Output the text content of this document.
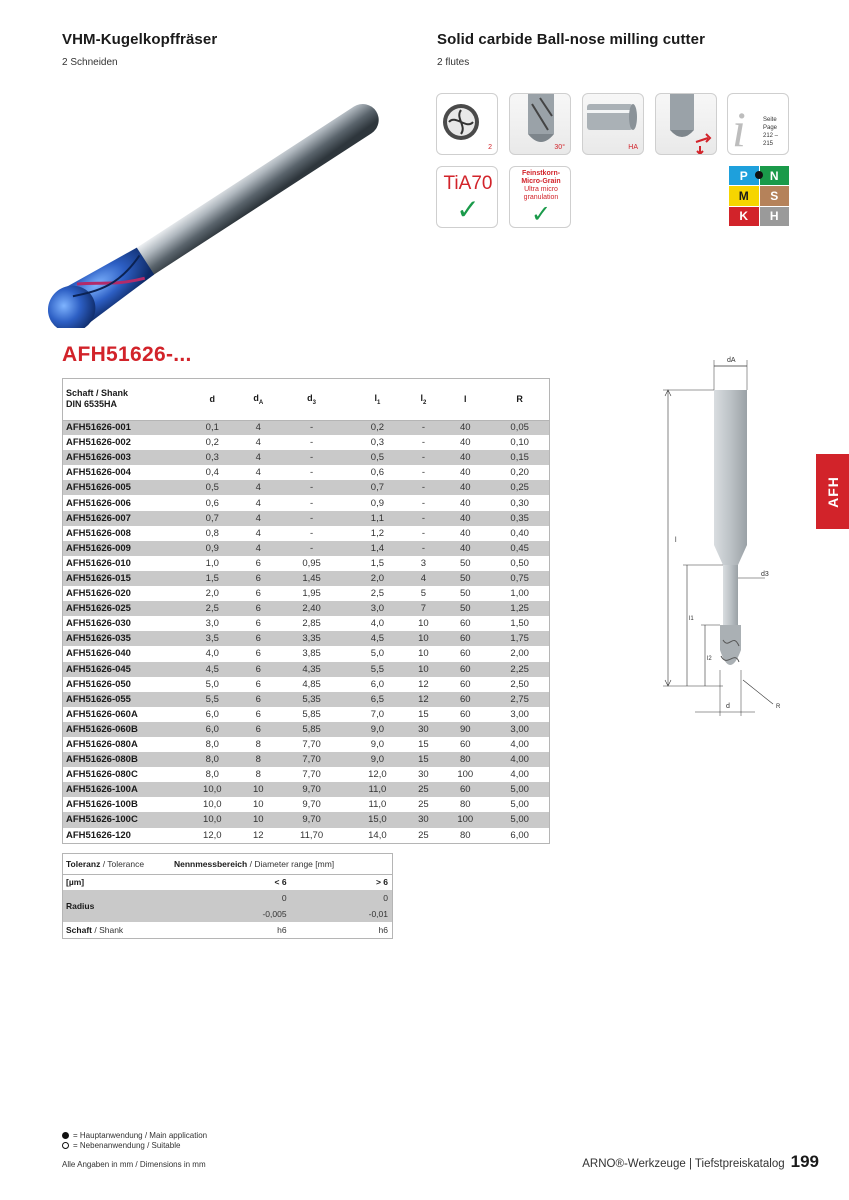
VHM-Kugelkopffräser
2 Schneiden
Solid carbide Ball-nose milling cutter
2 flutes
2	30°	HA i	Seite Page
212 – 215
TiA70
✓
Feinstkorn-
Micro-Grain
Ultra micro
granulation
✓
P	N
M	S
K	H
AFH51626-...
Schaft / Shank
DIN 6535HA	d	$d_A$	$d_3$	$l_1$	$l_2$	l	R
AFH51626-001	0,1	4	-	0,2	-	40	0,05
AFH51626-002	0,2	4	-	0,3	-	40	0,10
AFH51626-003	0,3	4	-	0,5	-	40	0,15
AFH51626-004	0,4	4	-	0,6	-	40	0,20
AFH51626-005	0,5	4	-	0,7	-	40	0,25
AFH51626-006	0,6	4	-	0,9	-	40	0,30
AFH51626-007	0,7	4	-	1,1	-	40	0,35
AFH51626-008	0,8	4	-	1,2	-	40	0,40
AFH51626-009	0,9	4	-	1,4	-	40	0,45
AFH51626-010	1,0	6	0,95	1,5	3	50	0,50
AFH51626-015	1,5	6	1,45	2,0	4	50	0,75
AFH51626-020	2,0	6	1,95	2,5	5	50	1,00
AFH51626-025	2,5	6	2,40	3,0	7	50	1,25
AFH51626-030	3,0	6	2,85	4,0	10	60	1,50
AFH51626-035	3,5	6	3,35	4,5	10	60	1,75
AFH51626-040	4,0	6	3,85	5,0	10	60	2,00
AFH51626-045	4,5	6	4,35	5,5	10	60	2,25
AFH51626-050	5,0	6	4,85	6,0	12	60	2,50
AFH51626-055	5,5	6	5,35	6,5	12	60	2,75
AFH51626-060A	6,0	6	5,85	7,0	15	60	3,00
AFH51626-060B	6,0	6	5,85	9,0	30	90	3,00
AFH51626-080A	8,0	8	7,70	9,0	15	60	4,00
AFH51626-080B	8,0	8	7,70	9,0	15	80	4,00
AFH51626-080C	8,0	8	7,70	12,0	30	100	4,00
AFH51626-100A	10,0	10	9,70	11,0	25	60	5,00
AFH51626-100B	10,0	10	9,70	11,0	25	80	5,00
AFH51626-100C	10,0	10	9,70	15,0	30	100	5,00
AFH51626-120	12,0	12	11,70	14,0	25	80	6,00
Toleranz / Tolerance	Nennmessbereich / Diameter range [mm]	
[µm]	< 6	> 6
Radius	0	0
	-0,005	-0,01
Schaft / Shank	h6	h6
dA
l
l1
l2
d3
d	R
AFH
= Hauptanwendung / Main application
= Nebenanwendung / Suitable
Alle Angaben in mm / Dimensions in mm	ARNO®-Werkzeuge | Tiefstpreiskatalog 199
